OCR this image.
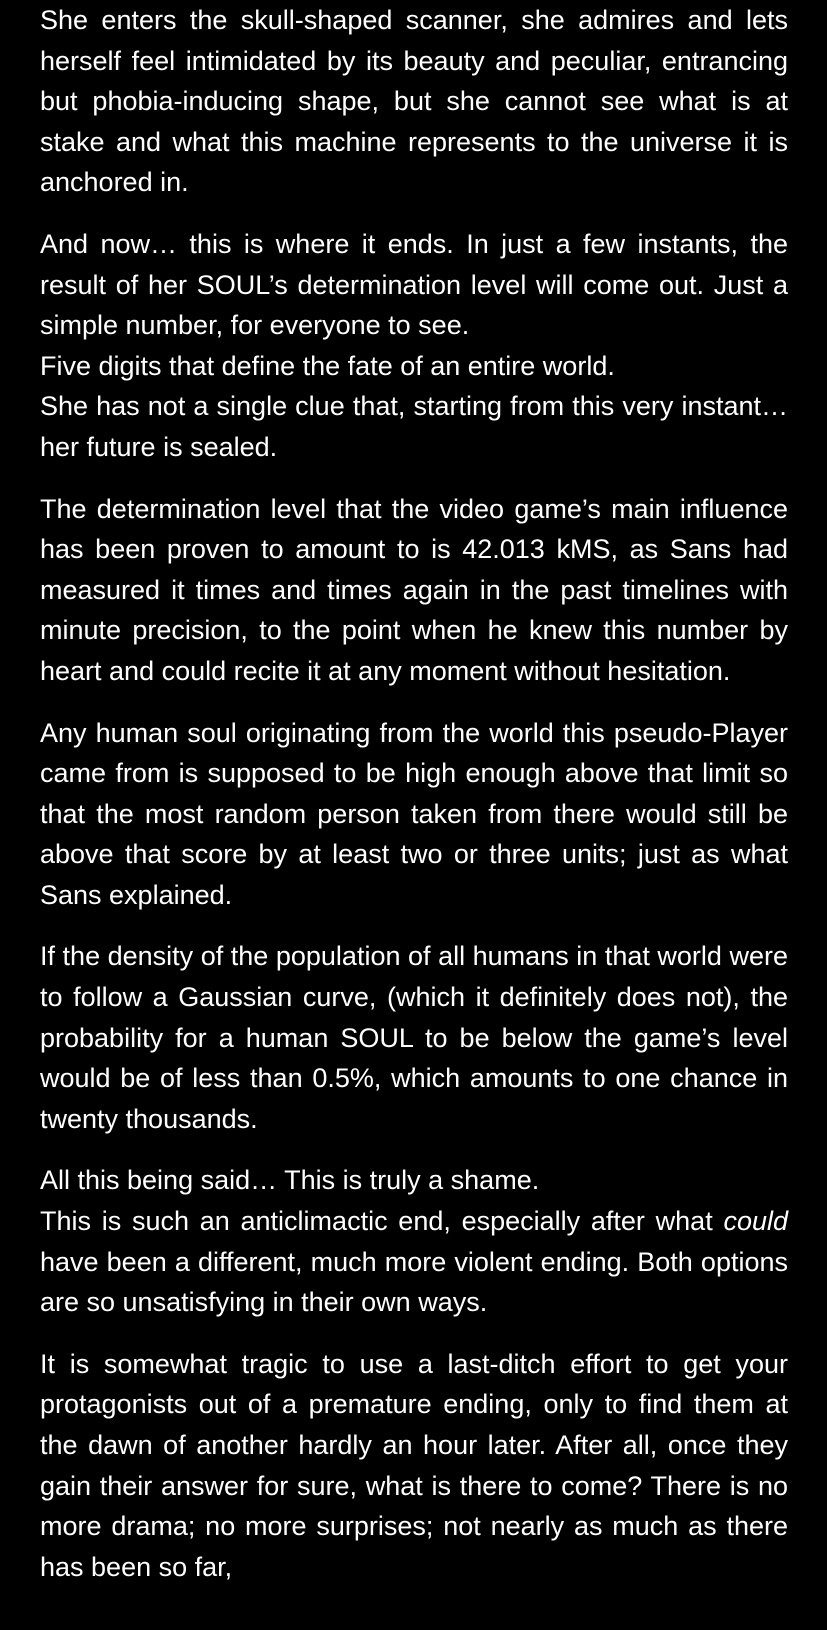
She enters the skull-shaped scanner, she admires and lets herself feel intimidated by its beauty and peculiar, entrancing but phobia-inducing shape, but she cannot see what is at stake and what this machine represents to the universe it is anchored in.

And now… this is where it ends. In just a few instants, the result of her SOUL’s determination level will come out. Just a simple number, for everyone to see.
Five digits that define the fate of an entire world.
She has not a single clue that, starting from this very instant… her future is sealed.

The determination level that the video game’s main influence has been proven to amount to is 42.013 kMS, as Sans had measured it times and times again in the past timelines with minute precision, to the point when he knew this number by heart and could recite it at any moment without hesitation.

Any human soul originating from the world this pseudo-Player came from is supposed to be high enough above that limit so that the most random person taken from there would still be above that score by at least two or three units; just as what Sans explained.

If the density of the population of all humans in that world were to follow a Gaussian curve, (which it definitely does not), the probability for a human SOUL to be below the game’s level would be of less than 0.5%, which amounts to one chance in twenty thousands.

All this being said… This is truly a shame.
This is such an anticlimactic end, especially after what could have been a different, much more violent ending. Both options are so unsatisfying in their own ways.

It is somewhat tragic to use a last-ditch effort to get your protagonists out of a premature ending, only to find them at the dawn of another hardly an hour later. After all, once they gain their answer for sure, what is there to come? There is no more drama; no more surprises; not nearly as much as there has been so far,
